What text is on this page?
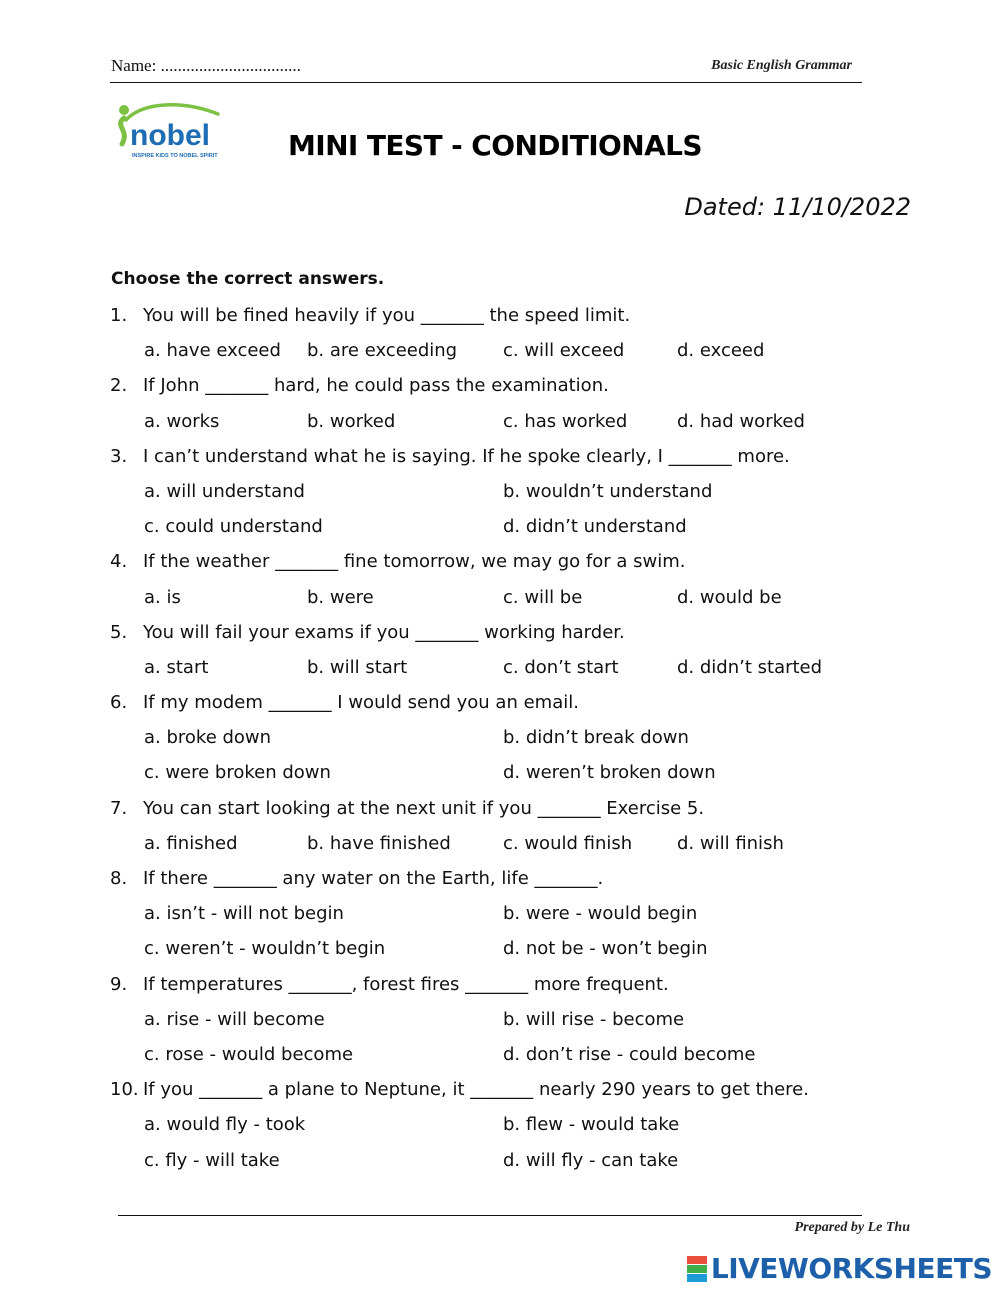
Name: .................................	Basic English Grammar
nobel
INSPIRE KIDS TO NOBEL SPIRIT	MINI TEST - CONDITIONALS
Dated: 11/10/2022
Choose the correct answers.
1. You will be fined heavily if you _______ the speed limit.
a. have exceed	b. are exceeding	c. will exceed	d. exceed
2. If John _______ hard, he could pass the examination.
a. works	b. worked	c. has worked	d. had worked
3. I can’t understand what he is saying. If he spoke clearly, I _______ more.
a. will understand	b. wouldn’t understand
c. could understand	d. didn’t understand
4. If the weather _______ fine tomorrow, we may go for a swim.
a. is	b. were	c. will be	d. would be
5. You will fail your exams if you _______ working harder.
a. start	b. will start	c. don’t start	d. didn’t started
6. If my modem _______ I would send you an email.
a. broke down	b. didn’t break down
c. were broken down	d. weren’t broken down
7. You can start looking at the next unit if you _______ Exercise 5.
a. finished	b. have finished	c. would finish	d. will finish
8. If there _______ any water on the Earth, life _______.
a. isn’t - will not begin	b. were - would begin
c. weren’t - wouldn’t begin	d. not be - won’t begin
9. If temperatures _______, forest fires _______ more frequent.
a. rise - will become	b. will rise - become
c. rose - would become	d. don’t rise - could become
10. If you _______ a plane to Neptune, it _______ nearly 290 years to get there.
a. would fly - took	b. flew - would take
c. fly - will take	d. will fly - can take
Prepared by Le Thu
LIVEWORKSHEETS
